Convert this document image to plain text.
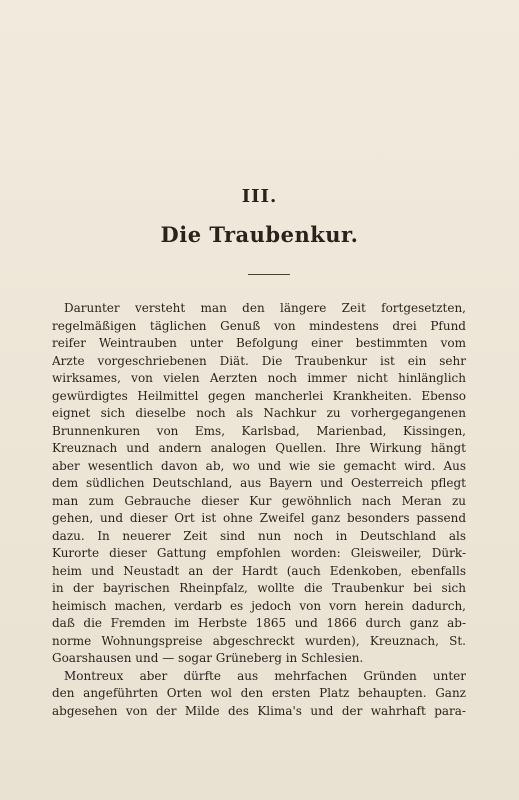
III.
Die Traubenkur.
Darunter versteht man den längere Zeit fortgesetzten,
regelmäßigen täglichen Genuß von mindestens drei Pfund
reifer Weintrauben unter Befolgung einer bestimmten vom
Arzte vorgeschriebenen Diät. Die Traubenkur ist ein sehr
wirksames, von vielen Aerzten noch immer nicht hinlänglich
gewürdigtes Heilmittel gegen mancherlei Krankheiten. Ebenso
eignet sich dieselbe noch als Nachkur zu vorhergegangenen
Brunnenkuren von Ems, Karlsbad, Marienbad, Kissingen,
Kreuznach und andern analogen Quellen. Ihre Wirkung hängt
aber wesentlich davon ab, wo und wie sie gemacht wird. Aus
dem südlichen Deutschland, aus Bayern und Oesterreich pflegt
man zum Gebrauche dieser Kur gewöhnlich nach Meran zu
gehen, und dieser Ort ist ohne Zweifel ganz besonders passend
dazu. In neuerer Zeit sind nun noch in Deutschland als
Kurorte dieser Gattung empfohlen worden: Gleisweiler, Dürk-
heim und Neustadt an der Hardt (auch Edenkoben, ebenfalls
in der bayrischen Rheinpfalz, wollte die Traubenkur bei sich
heimisch machen, verdarb es jedoch von vorn herein dadurch,
daß die Fremden im Herbste 1865 und 1866 durch ganz ab-
norme Wohnungspreise abgeschreckt wurden), Kreuznach, St.
Goarshausen und — sogar Grüneberg in Schlesien.
Montreux aber dürfte aus mehrfachen Gründen unter
den angeführten Orten wol den ersten Platz behaupten. Ganz
abgesehen von der Milde des Klima's und der wahrhaft para-
